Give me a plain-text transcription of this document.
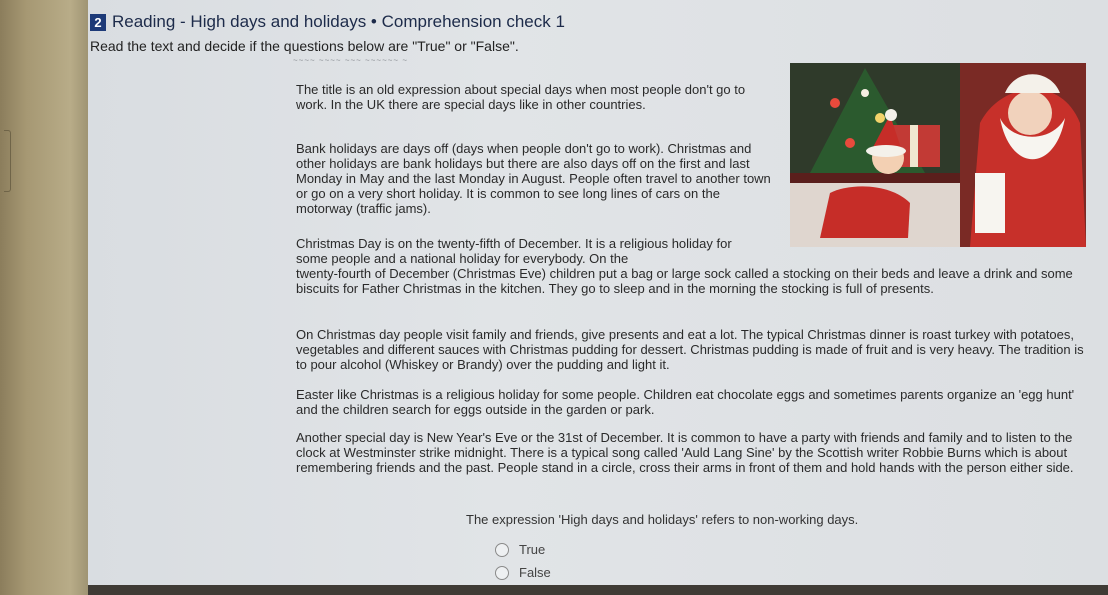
2 Reading - High days and holidays • Comprehension check 1
Read the text and decide if the questions below are "True" or "False".
~~~~ ~~~~ ~~~ ~~~~~~ ~

The title is an old expression about special days when most people don't go to work. In the UK there are special days like in other countries.

Bank holidays are days off (days when people don't go to work). Christmas and other holidays are bank holidays but there are also days off on the first and last Monday in May and the last Monday in August. People often travel to another town or go on a very short holiday. It is common to see long lines of cars on the motorway (traffic jams).

Christmas Day is on the twenty-fifth of December. It is a religious holiday for some people and a national holiday for everybody. On the

twenty-fourth of December (Christmas Eve) children put a bag or large sock called a stocking on their beds and leave a drink and some biscuits for Father Christmas in the kitchen. They go to sleep and in the morning the stocking is full of presents.

On Christmas day people visit family and friends, give presents and eat a lot. The typical Christmas dinner is roast turkey with potatoes, vegetables and different sauces with Christmas pudding for dessert. Christmas pudding is made of fruit and is very heavy. The tradition is to pour alcohol (Whiskey or Brandy) over the pudding and light it.

Easter like Christmas is a religious holiday for some people. Children eat chocolate eggs and sometimes parents organize an 'egg hunt' and the children search for eggs outside in the garden or park.

Another special day is New Year's Eve or the 31st of December. It is common to have a party with friends and family and to listen to the clock at Westminster strike midnight. There is a typical song called 'Auld Lang Sine' by the Scottish writer Robbie Burns which is about remembering friends and the past. People stand in a circle, cross their arms in front of them and hold hands with the person either side.

The expression 'High days and holidays' refers to non-working days.
True
False
